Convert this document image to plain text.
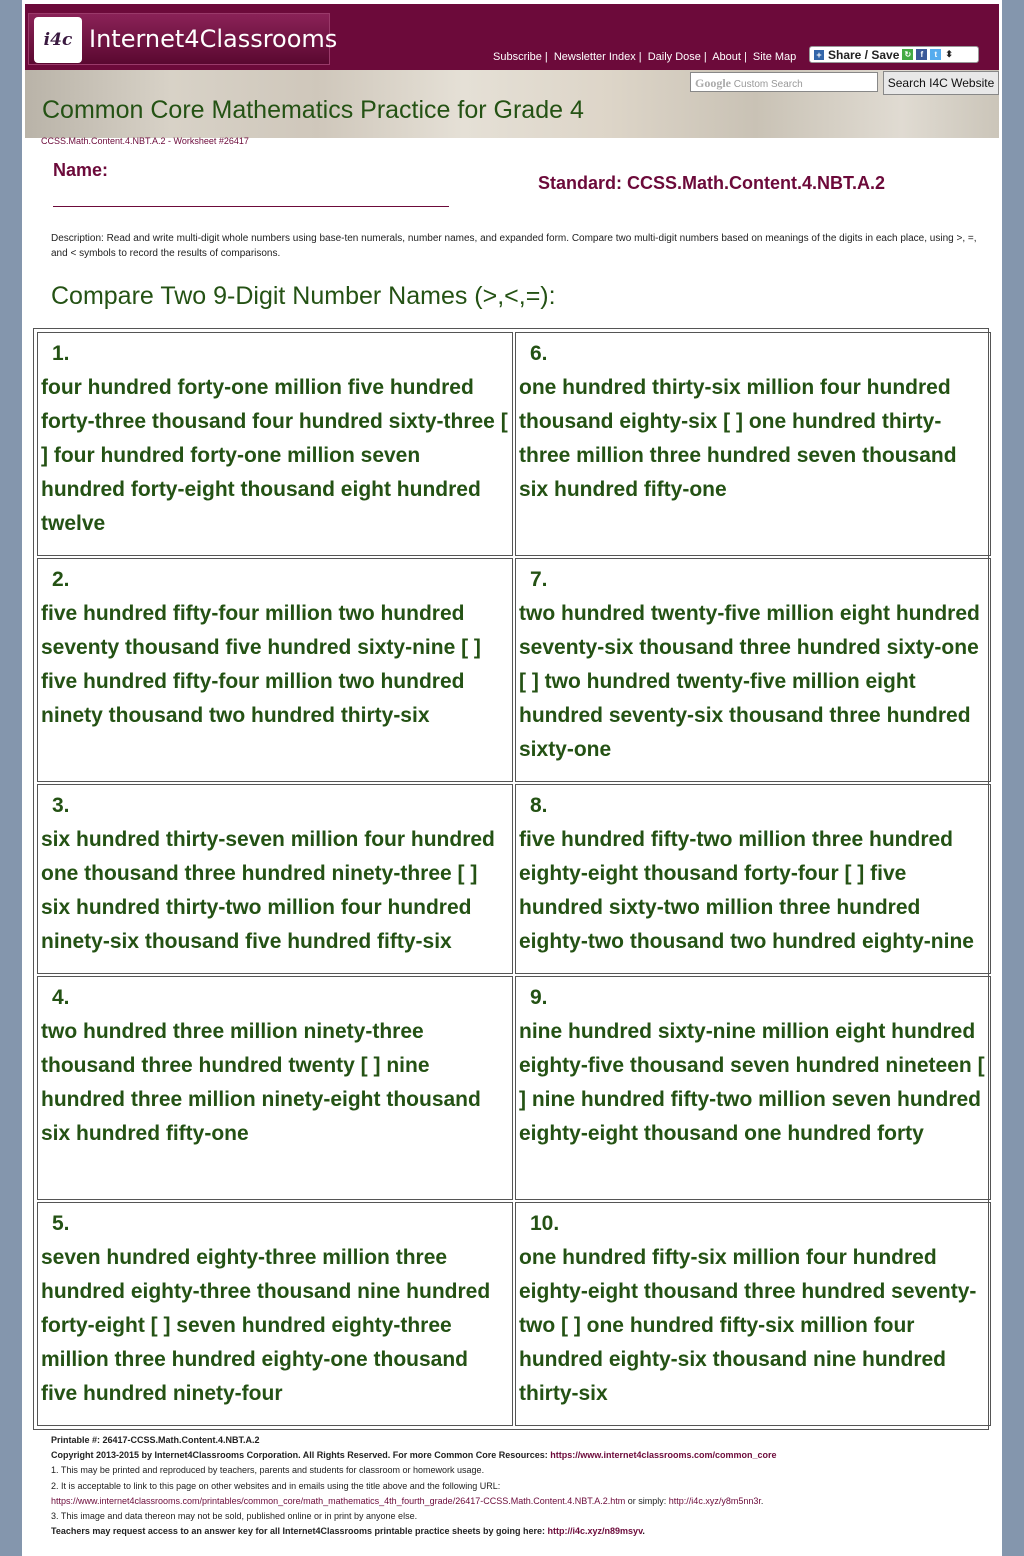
i4c Internet4Classrooms
Subscribe | Newsletter Index | Daily Dose | About | Site Map + Share / Save ↻	f	t ⬍
Google Custom Search	Search I4C Website
Common Core Mathematics Practice for Grade 4
CCSS.Math.Content.4.NBT.A.2 - Worksheet #26417
Name:
Standard: CCSS.Math.Content.4.NBT.A.2
Description: Read and write multi-digit whole numbers using base-ten numerals, number names, and expanded form. Compare two multi-digit numbers based on meanings of the digits in each place, using >, =, and < symbols to record the results of comparisons.
Compare Two 9-Digit Number Names (>,<,=):
1.
four hundred forty-one million five hundred forty-three thousand four hundred sixty-three [ ] four hundred forty-one million seven hundred forty-eight thousand eight hundred twelve
6.
one hundred thirty-six million four hundred thousand eighty-six [ ] one hundred thirty-three million three hundred seven thousand six hundred fifty-one
2.
five hundred fifty-four million two hundred seventy thousand five hundred sixty-nine [ ] five hundred fifty-four million two hundred ninety thousand two hundred thirty-six
7.
two hundred twenty-five million eight hundred seventy-six thousand three hundred sixty-one [ ] two hundred twenty-five million eight hundred seventy-six thousand three hundred sixty-one
3.
six hundred thirty-seven million four hundred one thousand three hundred ninety-three [ ] six hundred thirty-two million four hundred ninety-six thousand five hundred fifty-six
8.
five hundred fifty-two million three hundred eighty-eight thousand forty-four [ ] five hundred sixty-two million three hundred eighty-two thousand two hundred eighty-nine
4.
two hundred three million ninety-three thousand three hundred twenty [ ] nine hundred three million ninety-eight thousand six hundred fifty-one
9.
nine hundred sixty-nine million eight hundred eighty-five thousand seven hundred nineteen [ ] nine hundred fifty-two million seven hundred eighty-eight thousand one hundred forty
5.
seven hundred eighty-three million three hundred eighty-three thousand nine hundred forty-eight [ ] seven hundred eighty-three million three hundred eighty-one thousand five hundred ninety-four
10.
one hundred fifty-six million four hundred eighty-eight thousand three hundred seventy-two [ ] one hundred fifty-six million four hundred eighty-six thousand nine hundred thirty-six
Printable #: 26417-CCSS.Math.Content.4.NBT.A.2
Copyright 2013-2015 by Internet4Classrooms Corporation. All Rights Reserved. For more Common Core Resources: https://www.internet4classrooms.com/common_core
1. This may be printed and reproduced by teachers, parents and students for classroom or homework usage.
2. It is acceptable to link to this page on other websites and in emails using the title above and the following URL:
https://www.internet4classrooms.com/printables/common_core/math_mathematics_4th_fourth_grade/26417-CCSS.Math.Content.4.NBT.A.2.htm or simply: http://i4c.xyz/y8m5nn3r.
3. This image and data thereon may not be sold, published online or in print by anyone else.
Teachers may request access to an answer key for all Internet4Classrooms printable practice sheets by going here: http://i4c.xyz/n89msyv.
